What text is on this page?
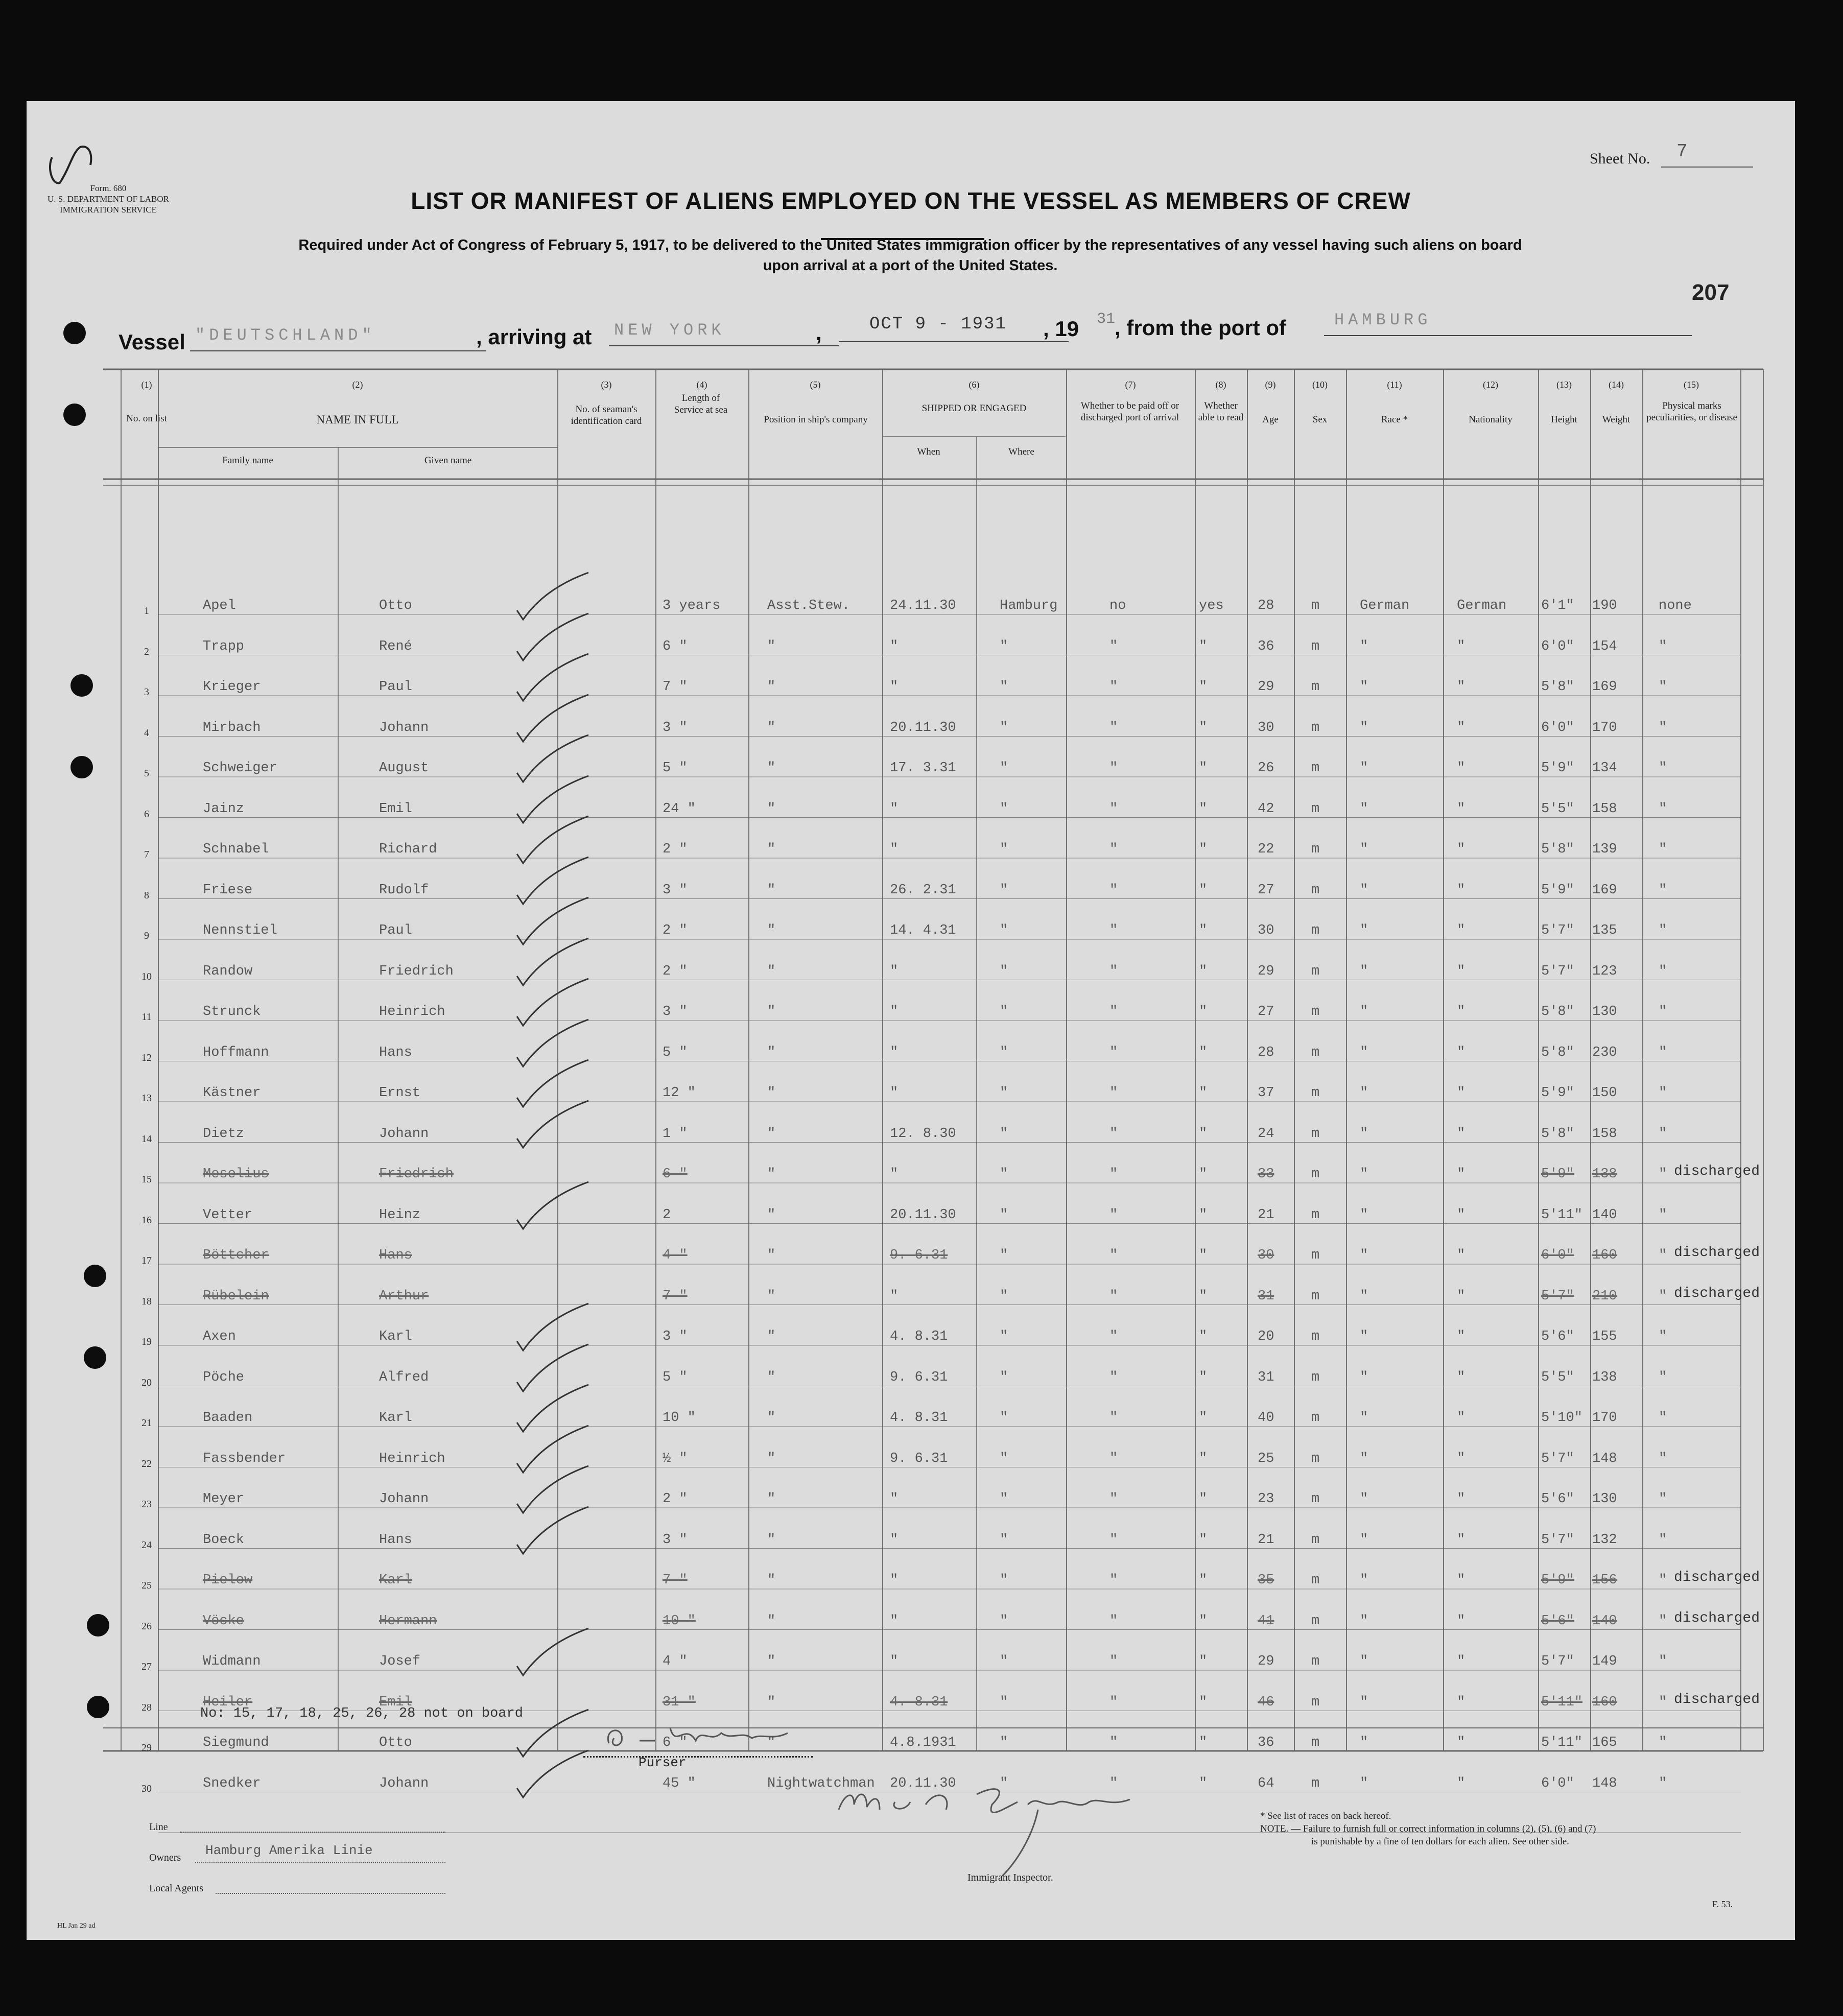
Form. 680
U. S. DEPARTMENT OF LABOR
IMMIGRATION SERVICE
Sheet No. 7
207
LIST OR MANIFEST OF ALIENS EMPLOYED ON THE VESSEL AS MEMBERS OF CREW
Required under Act of Congress of February 5, 1917, to be delivered to the United States immigration officer by the representatives of any vessel having such aliens on board
upon arrival at a port of the United States.
Vessel "DEUTSCHLAND"	, arriving at NEW YORK	,	OCT 9 - 1931 , 19 31
, from the port of	HAMBURG
(1)
No. on list
(2)
NAME IN FULL
Family name	Given name
(3)
No. of seaman's identification card
(4)
Length of Service at sea
(5)
Position in ship's company
(6)
SHIPPED OR ENGAGED
When	Where
(7)
Whether to be paid off or discharged port of arrival
(8)
Whether able to read
(9)
Age
(10)
Sex
(11)
Race *
(12)
Nationality
(13)
Height
(14)
Weight
(15)
Physical marks peculiarities, or disease
1	Apel	Otto	3 years	Asst.Stew.	24.11.30	Hamburg	no	yes 28	m	German	German	6'1" 190	none
2	Trapp	René	6 "	"	"	"	"	"	36	m	"	"	6'0" 154	"
3	Krieger	Paul	7 "	"	"	"	"	"	29	m	"	"	5'8" 169	"
4	Mirbach	Johann	3 "	"	20.11.30	"	"	"	30	m	"	"	6'0" 170	"
5	Schweiger	August	5 "	"	17. 3.31	"	"	"	26	m	"	"	5'9" 134	"
6	Jainz	Emil	24 "	"	"	"	"	"	42	m	"	"	5'5" 158	"
7	Schnabel	Richard	2 "	"	"	"	"	"	22	m	"	"	5'8" 139	"
8	Friese	Rudolf	3 "	"	26. 2.31	"	"	"	27	m	"	"	5'9" 169	"
9	Nennstiel	Paul	2 "	"	14. 4.31	"	"	"	30	m	"	"	5'7" 135	"
10	Randow	Friedrich	2 "	"	"	"	"	"	29	m	"	"	5'7" 123	"
11	Strunck	Heinrich	3 "	"	"	"	"	"	27	m	"	"	5'8" 130	"
12	Hoffmann	Hans	5 "	"	"	"	"	"	28	m	"	"	5'8" 230	"
13	Kästner	Ernst	12 "	"	"	"	"	"	37	m	"	"	5'9" 150	"
14	Dietz	Johann	1 "	"	12. 8.30	"	"	"	24	m	"	"	5'8" 158	"
15	Meselius	Friedrich	6 "	"	"	"	"	"	33	m	"	"	5'9" 138	" discharged
16	Vetter	Heinz	2	"	20.11.30	"	"	"	21	m	"	"	5'11" 140	"
17	Böttcher	Hans	4 "	"	9. 6.31	"	"	"	30	m	"	"	6'0" 160	" discharged
18	Rübelein	Arthur	7 "	"	"	"	"	"	31	m	"	"	5'7" 210	" discharged
19	Axen	Karl	3 "	"	4. 8.31	"	"	"	20	m	"	"	5'6" 155	"
20	Pöche	Alfred	5 "	"	9. 6.31	"	"	"	31	m	"	"	5'5" 138	"
21	Baaden	Karl	10 "	"	4. 8.31	"	"	"	40	m	"	"	5'10" 170	"
22	Fassbender	Heinrich	½ "	"	9. 6.31	"	"	"	25	m	"	"	5'7" 148	"
23	Meyer	Johann	2 "	"	"	"	"	"	23	m	"	"	5'6" 130	"
24	Boeck	Hans	3 "	"	"	"	"	"	21	m	"	"	5'7" 132	"
25	Pielow	Karl	7 "	"	"	"	"	"	35	m	"	"	5'9" 156	" discharged
26	Vöcke	Hermann	10 "	"	"	"	"	"	41	m	"	"	5'6" 140	" discharged
27	Widmann	Josef	4 "	"	"	"	"	"	29	m	"	"	5'7" 149	"
28	Heiler	Emil	31 "	"	4. 8.31	"	"	"	46	m	"	"	5'11" 160	" discharged
29	Siegmund	Otto	6 "	"	4.8.1931	"	"	"	36	m	"	"	5'11" 165	"
30	Snedker	Johann	45 "	Nightwatchman 20.11.30	"	"	"	64	m	"	"	6'0" 148	"
No: 15, 17, 18, 25, 26, 28 not on board
Purser
Immigrant Inspector.
Line
Owners Hamburg Amerika Linie
Local Agents
* See list of races on back hereof.
NOTE. — Failure to furnish full or correct information in columns (2), (5), (6) and (7)
is punishable by a fine of ten dollars for each alien. See other side.
F. 53.
HL Jan 29 ad
